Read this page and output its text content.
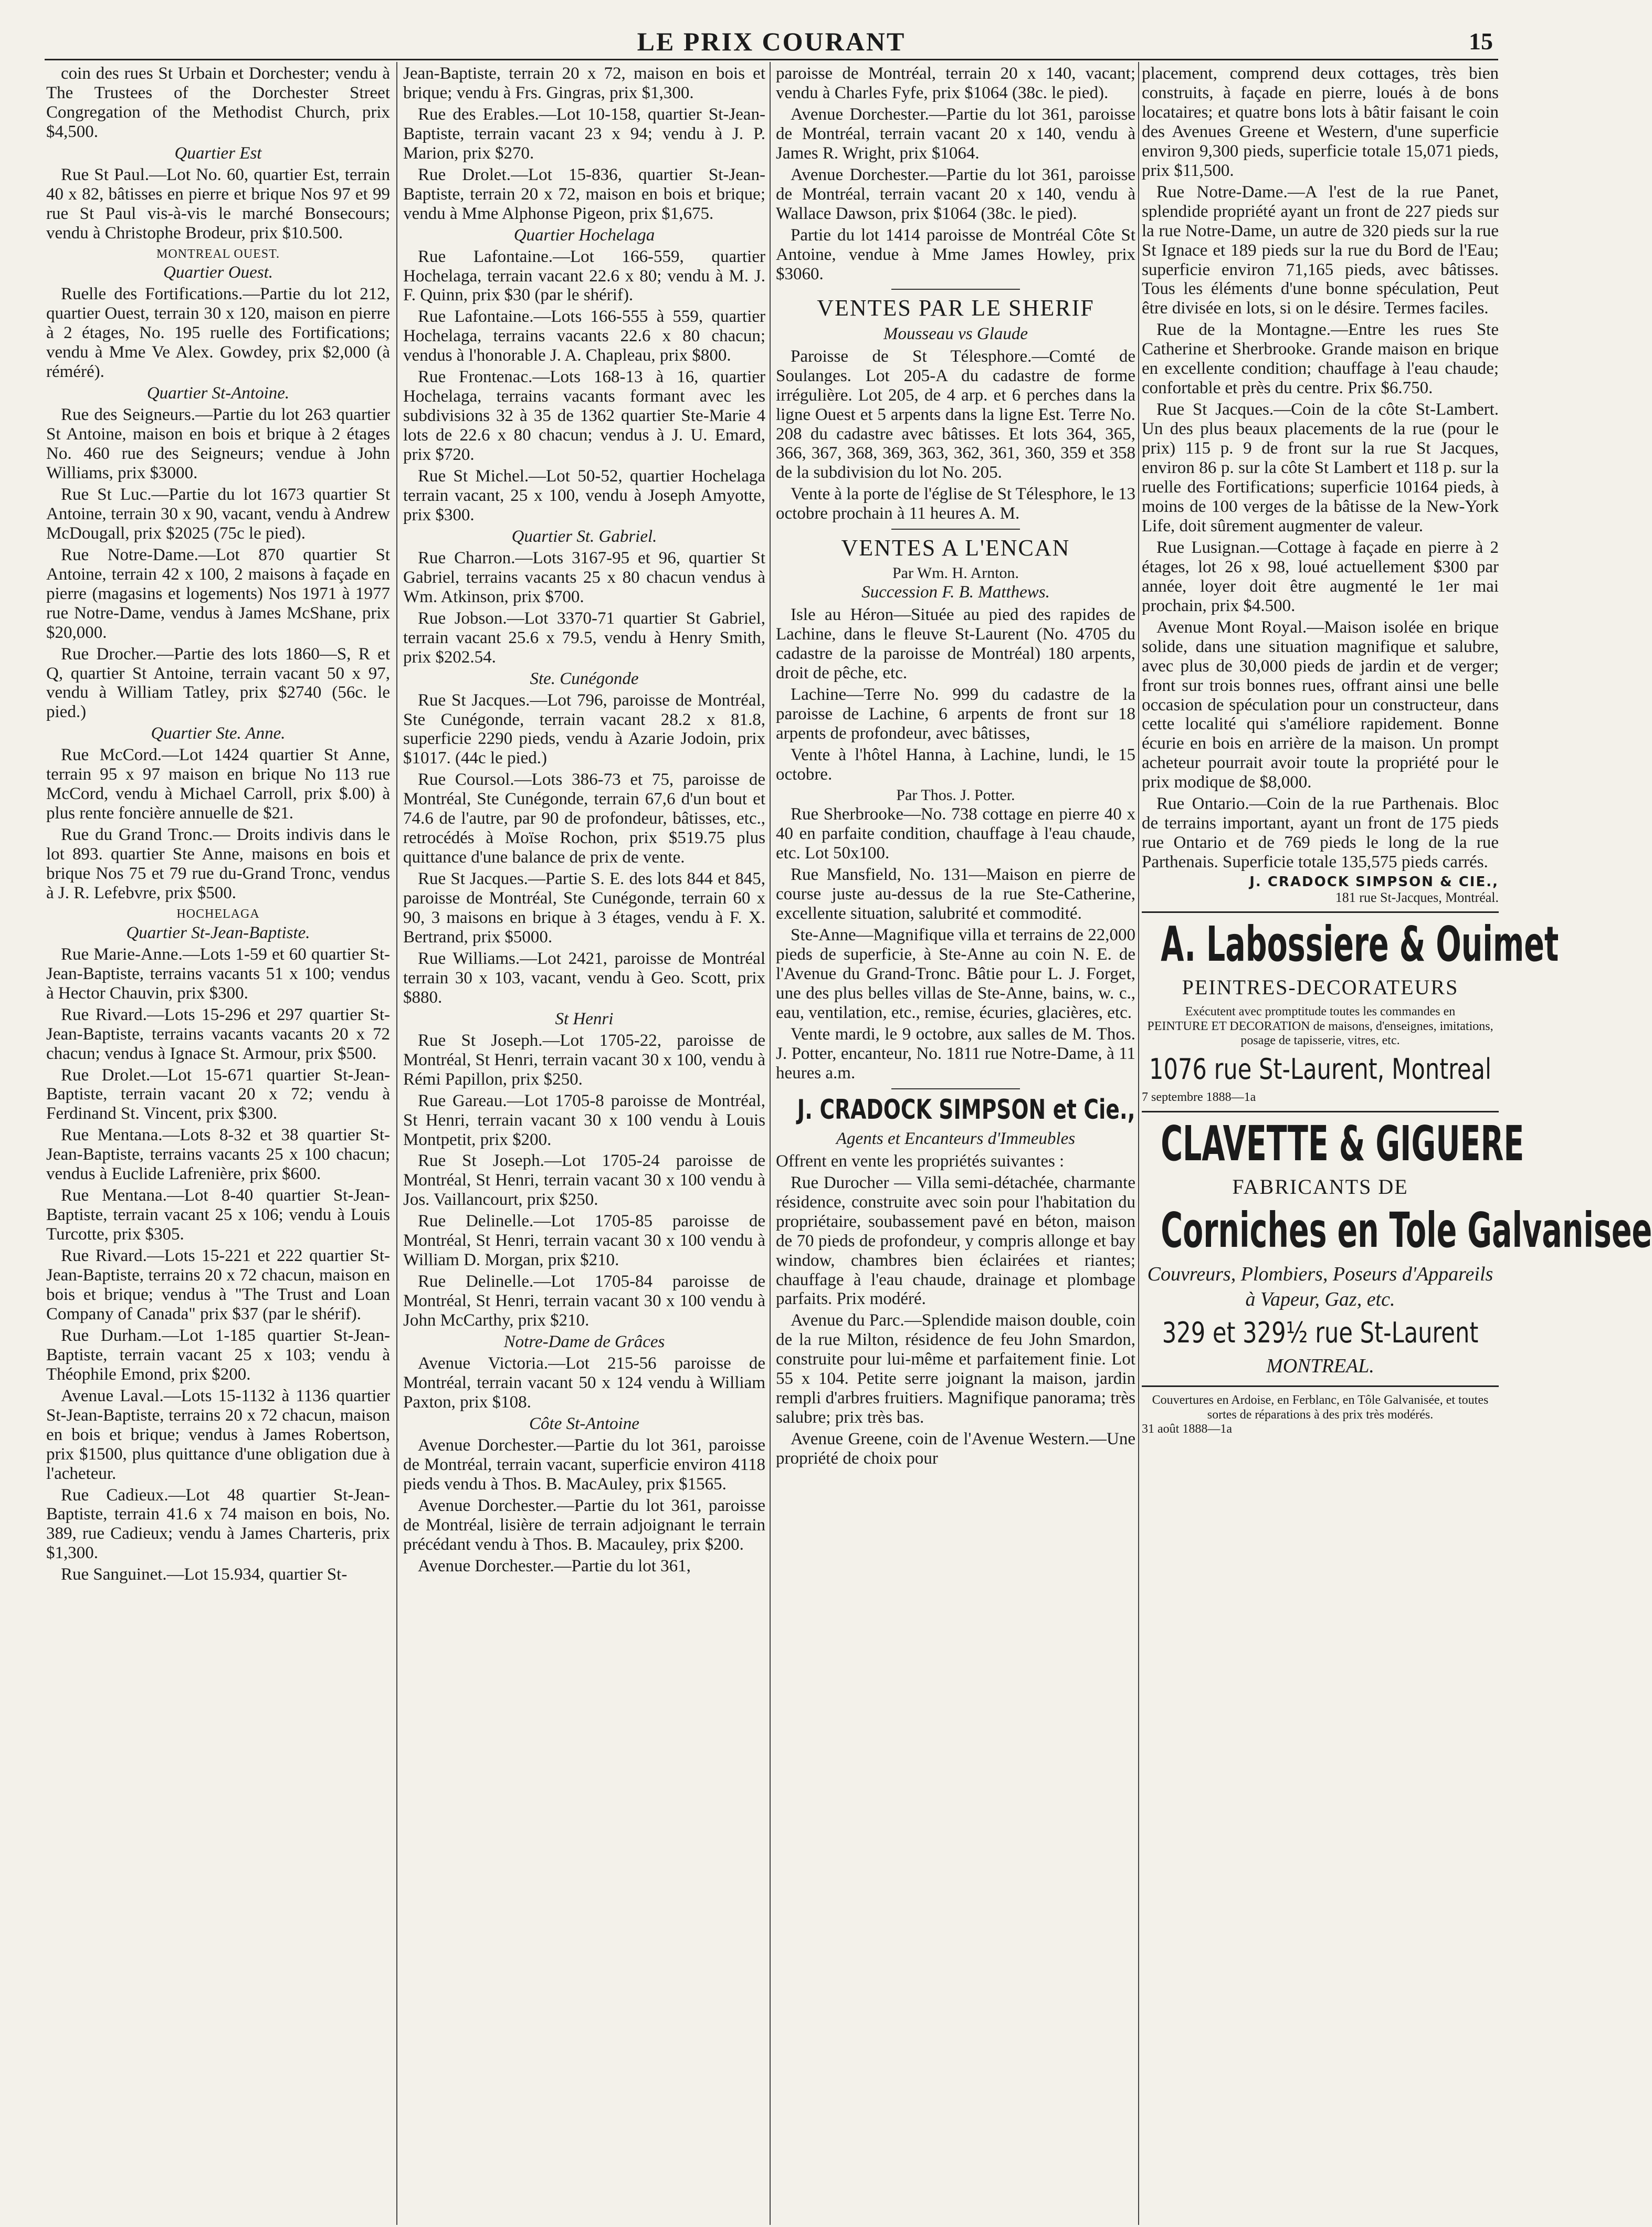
LE PRIX COURANT	15

coin des rues St Urbain et Dorchester; vendu à The Trustees of the Dorchester Street Congregation of the Methodist Church, prix $4,500.

Quartier Est

Rue St Paul.—Lot No. 60, quartier Est, terrain 40 x 82, bâtisses en pierre et brique Nos 97 et 99 rue St Paul vis-à-vis le marché Bonsecours; vendu à Christophe Brodeur, prix $10.500.

MONTREAL OUEST.
Quartier Ouest.

Ruelle des Fortifications.—Partie du lot 212, quartier Ouest, terrain 30 x 120, maison en pierre à 2 étages, No. 195 ruelle des Fortifications; vendu à Mme Ve Alex. Gowdey, prix $2,000 (à réméré).

Quartier St-Antoine.

Rue des Seigneurs.—Partie du lot 263 quartier St Antoine, maison en bois et brique à 2 étages No. 460 rue des Seigneurs; vendue à John Williams, prix $3000.

Rue St Luc.—Partie du lot 1673 quartier St Antoine, terrain 30 x 90, vacant, vendu à Andrew McDougall, prix $2025 (75c le pied).

Rue Notre-Dame.—Lot 870 quartier St Antoine, terrain 42 x 100, 2 maisons à façade en pierre (magasins et logements) Nos 1971 à 1977 rue Notre-Dame, vendus à James McShane, prix $20,000.

Rue Drocher.—Partie des lots 1860—S, R et Q, quartier St Antoine, terrain vacant 50 x 97, vendu à William Tatley, prix $2740 (56c. le pied.)

Quartier Ste. Anne.

Rue McCord.—Lot 1424 quartier St Anne, terrain 95 x 97 maison en brique No 113 rue McCord, vendu à Michael Carroll, prix $.00) à plus rente foncière annuelle de $21.

Rue du Grand Tronc.— Droits indivis dans le lot 893. quartier Ste Anne, maisons en bois et brique Nos 75 et 79 rue du-Grand Tronc, vendus à J. R. Lefebvre, prix $500.

HOCHELAGA
Quartier St-Jean-Baptiste.

Rue Marie-Anne.—Lots 1-59 et 60 quartier St-Jean-Baptiste, terrains vacants 51 x 100; vendus à Hector Chauvin, prix $300.

Rue Rivard.—Lots 15-296 et 297 quartier St-Jean-Baptiste, terrains vacants vacants 20 x 72 chacun; vendus à Ignace St. Armour, prix $500.

Rue Drolet.—Lot 15-671 quartier St-Jean-Baptiste, terrain vacant 20 x 72; vendu à Ferdinand St. Vincent, prix $300.

Rue Mentana.—Lots 8-32 et 38 quartier St-Jean-Baptiste, terrains vacants 25 x 100 chacun; vendus à Euclide Lafrenière, prix $600.

Rue Mentana.—Lot 8-40 quartier St-Jean-Baptiste, terrain vacant 25 x 106; vendu à Louis Turcotte, prix $305.

Rue Rivard.—Lots 15-221 et 222 quartier St-Jean-Baptiste, terrains 20 x 72 chacun, maison en bois et brique; vendus à "The Trust and Loan Company of Canada" prix $37 (par le shérif).

Rue Durham.—Lot 1-185 quartier St-Jean-Baptiste, terrain vacant 25 x 103; vendu à Théophile Emond, prix $200.

Avenue Laval.—Lots 15-1132 à 1136 quartier St-Jean-Baptiste, terrains 20 x 72 chacun, maison en bois et brique; vendus à James Robertson, prix $1500, plus quittance d'une obligation due à l'acheteur.

Rue Cadieux.—Lot 48 quartier St-Jean-Baptiste, terrain 41.6 x 74 maison en bois, No. 389, rue Cadieux; vendu à James Charteris, prix $1,300.

Rue Sanguinet.—Lot 15.934, quartier St-

Jean-Baptiste, terrain 20 x 72, maison en bois et brique; vendu à Frs. Gingras, prix $1,300.

Rue des Erables.—Lot 10-158, quartier St-Jean-Baptiste, terrain vacant 23 x 94; vendu à J. P. Marion, prix $270.

Rue Drolet.—Lot 15-836, quartier St-Jean-Baptiste, terrain 20 x 72, maison en bois et brique; vendu à Mme Alphonse Pigeon, prix $1,675.

Quartier Hochelaga

Rue Lafontaine.—Lot 166-559, quartier Hochelaga, terrain vacant 22.6 x 80; vendu à M. J. F. Quinn, prix $30 (par le shérif).

Rue Lafontaine.—Lots 166-555 à 559, quartier Hochelaga, terrains vacants 22.6 x 80 chacun; vendus à l'honorable J. A. Chapleau, prix $800.

Rue Frontenac.—Lots 168-13 à 16, quartier Hochelaga, terrains vacants formant avec les subdivisions 32 à 35 de 1362 quartier Ste-Marie 4 lots de 22.6 x 80 chacun; vendus à J. U. Emard, prix $720.

Rue St Michel.—Lot 50-52, quartier Hochelaga terrain vacant, 25 x 100, vendu à Joseph Amyotte, prix $300.

Quartier St. Gabriel.

Rue Charron.—Lots 3167-95 et 96, quartier St Gabriel, terrains vacants 25 x 80 chacun vendus à Wm. Atkinson, prix $700.

Rue Jobson.—Lot 3370-71 quartier St Gabriel, terrain vacant 25.6 x 79.5, vendu à Henry Smith, prix $202.54.

Ste. Cunégonde

Rue St Jacques.—Lot 796, paroisse de Montréal, Ste Cunégonde, terrain vacant 28.2 x 81.8, superficie 2290 pieds, vendu à Azarie Jodoin, prix $1017. (44c le pied.)

Rue Coursol.—Lots 386-73 et 75, paroisse de Montréal, Ste Cunégonde, terrain 67,6 d'un bout et 74.6 de l'autre, par 90 de profondeur, bâtisses, etc., retrocédés à Moïse Rochon, prix $519.75 plus quittance d'une balance de prix de vente.

Rue St Jacques.—Partie S. E. des lots 844 et 845, paroisse de Montréal, Ste Cunégonde, terrain 60 x 90, 3 maisons en brique à 3 étages, vendu à F. X. Bertrand, prix $5000.

Rue Williams.—Lot 2421, paroisse de Montréal terrain 30 x 103, vacant, vendu à Geo. Scott, prix $880.

St Henri

Rue St Joseph.—Lot 1705-22, paroisse de Montréal, St Henri, terrain vacant 30 x 100, vendu à Rémi Papillon, prix $250.

Rue Gareau.—Lot 1705-8 paroisse de Montréal, St Henri, terrain vacant 30 x 100 vendu à Louis Montpetit, prix $200.

Rue St Joseph.—Lot 1705-24 paroisse de Montréal, St Henri, terrain vacant 30 x 100 vendu à Jos. Vaillancourt, prix $250.

Rue Delinelle.—Lot 1705-85 paroisse de Montréal, St Henri, terrain vacant 30 x 100 vendu à William D. Morgan, prix $210.

Rue Delinelle.—Lot 1705-84 paroisse de Montréal, St Henri, terrain vacant 30 x 100 vendu à John McCarthy, prix $210.

Notre-Dame de Grâces

Avenue Victoria.—Lot 215-56 paroisse de Montréal, terrain vacant 50 x 124 vendu à William Paxton, prix $108.

Côte St-Antoine

Avenue Dorchester.—Partie du lot 361, paroisse de Montréal, terrain vacant, superficie environ 4118 pieds vendu à Thos. B. MacAuley, prix $1565.

Avenue Dorchester.—Partie du lot 361, paroisse de Montréal, lisière de terrain adjoignant le terrain précédant vendu à Thos. B. Macauley, prix $200.

Avenue Dorchester.—Partie du lot 361,

paroisse de Montréal, terrain 20 x 140, vacant; vendu à Charles Fyfe, prix $1064 (38c. le pied).

Avenue Dorchester.—Partie du lot 361, paroisse de Montréal, terrain vacant 20 x 140, vendu à James R. Wright, prix $1064.

Avenue Dorchester.—Partie du lot 361, paroisse de Montréal, terrain vacant 20 x 140, vendu à Wallace Dawson, prix $1064 (38c. le pied).

Partie du lot 1414 paroisse de Montréal Côte St Antoine, vendue à Mme James Howley, prix $3060.

VENTES PAR LE SHERIF
Mousseau vs Glaude

Paroisse de St Télesphore.—Comté de Soulanges. Lot 205-A du cadastre de forme irrégulière. Lot 205, de 4 arp. et 6 perches dans la ligne Ouest et 5 arpents dans la ligne Est. Terre No. 208 du cadastre avec bâtisses. Et lots 364, 365, 366, 367, 368, 369, 363, 362, 361, 360, 359 et 358 de la subdivision du lot No. 205.

Vente à la porte de l'église de St Télesphore, le 13 octobre prochain à 11 heures A. M.

VENTES A L'ENCAN
Par Wm. H. Arnton.
Succession F. B. Matthews.

Isle au Héron—Située au pied des rapides de Lachine, dans le fleuve St-Laurent (No. 4705 du cadastre de la paroisse de Montréal) 180 arpents, droit de pêche, etc.

Lachine—Terre No. 999 du cadastre de la paroisse de Lachine, 6 arpents de front sur 18 arpents de profondeur, avec bâtisses,

Vente à l'hôtel Hanna, à Lachine, lundi, le 15 octobre.

Par Thos. J. Potter.

Rue Sherbrooke—No. 738 cottage en pierre 40 x 40 en parfaite condition, chauffage à l'eau chaude, etc. Lot 50x100.

Rue Mansfield, No. 131—Maison en pierre de course juste au-dessus de la rue Ste-Catherine, excellente situation, salubrité et commodité.

Ste-Anne—Magnifique villa et terrains de 22,000 pieds de superficie, à Ste-Anne au coin N. E. de l'Avenue du Grand-Tronc. Bâtie pour L. J. Forget, une des plus belles villas de Ste-Anne, bains, w. c., eau, ventilation, etc., remise, écuries, glacières, etc.

Vente mardi, le 9 octobre, aux salles de M. Thos. J. Potter, encanteur, No. 1811 rue Notre-Dame, à 11 heures a.m.

J. CRADOCK SIMPSON et Cie.,
Agents et Encanteurs d'Immeubles

Offrent en vente les propriétés suivantes :

Rue Durocher — Villa semi-détachée, charmante résidence, construite avec soin pour l'habitation du propriétaire, soubassement pavé en béton, maison de 70 pieds de profondeur, y compris allonge et bay window, chambres bien éclairées et riantes; chauffage à l'eau chaude, drainage et plombage parfaits. Prix modéré.

Avenue du Parc.—Splendide maison double, coin de la rue Milton, résidence de feu John Smardon, construite pour lui-même et parfaitement finie. Lot 55 x 104. Petite serre joignant la maison, jardin rempli d'arbres fruitiers. Magnifique panorama; très salubre; prix très bas.

Avenue Greene, coin de l'Avenue Western.—Une propriété de choix pour

placement, comprend deux cottages, très bien construits, à façade en pierre, loués à de bons locataires; et quatre bons lots à bâtir faisant le coin des Avenues Greene et Western, d'une superficie environ 9,300 pieds, superficie totale 15,071 pieds, prix $11,500.

Rue Notre-Dame.—A l'est de la rue Panet, splendide propriété ayant un front de 227 pieds sur la rue Notre-Dame, un autre de 320 pieds sur la rue St Ignace et 189 pieds sur la rue du Bord de l'Eau; superficie environ 71,165 pieds, avec bâtisses. Tous les éléments d'une bonne spéculation, Peut être divisée en lots, si on le désire. Termes faciles.

Rue de la Montagne.—Entre les rues Ste Catherine et Sherbrooke. Grande maison en brique en excellente condition; chauffage à l'eau chaude; confortable et près du centre. Prix $6.750.

Rue St Jacques.—Coin de la côte St-Lambert. Un des plus beaux placements de la rue (pour le prix) 115 p. 9 de front sur la rue St Jacques, environ 86 p. sur la côte St Lambert et 118 p. sur la ruelle des Fortifications; superficie 10164 pieds, à moins de 100 verges de la bâtisse de la New-York Life, doit sûrement augmenter de valeur.

Rue Lusignan.—Cottage à façade en pierre à 2 étages, lot 26 x 98, loué actuellement $300 par année, loyer doit être augmenté le 1er mai prochain, prix $4.500.

Avenue Mont Royal.—Maison isolée en brique solide, dans une situation magnifique et salubre, avec plus de 30,000 pieds de jardin et de verger; front sur trois bonnes rues, offrant ainsi une belle occasion de spéculation pour un constructeur, dans cette localité qui s'améliore rapidement. Bonne écurie en bois en arrière de la maison. Un prompt acheteur pourrait avoir toute la propriété pour le prix modique de $8,000.

Rue Ontario.—Coin de la rue Parthenais. Bloc de terrains important, ayant un front de 175 pieds rue Ontario et de 769 pieds le long de la rue Parthenais. Superficie totale 135,575 pieds carrés.

J. CRADOCK SIMPSON & CIE.,
181 rue St-Jacques, Montréal.
A. Labossiere & Ouimet
PEINTRES-DECORATEURS
Exécutent avec promptitude toutes les commandes en
PEINTURE ET DECORATION de maisons, d'enseignes, imitations, posage de tapisserie, vitres, etc.
1076 rue St-Laurent, Montreal
7 septembre 1888—1a
CLAVETTE & GIGUERE
FABRICANTS DE
Corniches en Tole Galvanisee
Couvreurs, Plombiers, Poseurs d'Appareils à Vapeur, Gaz, etc.
329 et 329½ rue St-Laurent
MONTREAL.
Couvertures en Ardoise, en Ferblanc, en Tôle Galvanisée, et toutes sortes de réparations à des prix très modérés.
31 août 1888—1a
